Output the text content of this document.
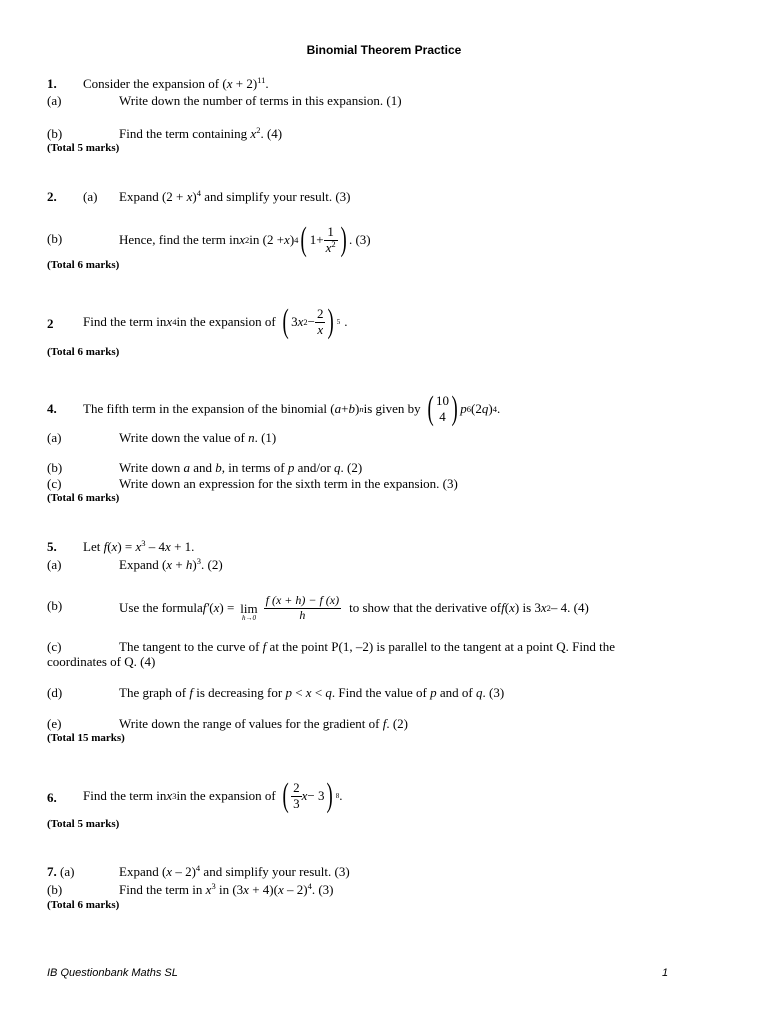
Binomial Theorem Practice
1. Consider the expansion of $(x + 2)^{11}$.
(a)	Write down the number of terms in this expansion. (1)
(b)	Find the term containing $x^2$. (4)
(Total 5 marks)
2. (a) Expand $(2 + x)^4$ and simplify your result. (3)
(b)	Hence, find the term in x 2 in (2 + x ) 4 ( $1+ \frac{1}{x^2}$ ) . (3)
(Total 6 marks)
2 Find the term in x 4 in the expansion of ( 3 x $2 - \frac{2}{x}$ ) 5 .
(Total 6 marks)
4. The fifth term in the expansion of the binomial ( a + b ) n is given by ( 10
4 ) p 6 (2 q ) 4 .
(a)	Write down the value of n. (1)
(b)	Write down a and b, in terms of p and/or q. (2)
(c)	Write down an expression for the sixth term in the expansion. (3)
(Total 6 marks)
5. Let $f(x) = x^3 - 4x + 1$.
(a)	Expand $(x + h)^3$. (2)
(b)	Use the formula f′ ( x ) = lim
$h\to 0 \frac{f (x + h) - f (x)}{h}$ to show that the derivative of f ( x ) is 3 x 2 – 4. (4)
(c)	The tangent to the curve of f at the point P(1, –2) is parallel to the tangent at a point Q. Find the
coordinates of Q. (4)
(d)	The graph of f is decreasing for p < x < q. Find the value of p and of q. (3)
(e)	Write down the range of values for the gradient of f. (2)
(Total 15 marks)
6. Find the term in x 3 in the expansion of ( $\frac{2}{3}$ x − 3 ) 8 .
(Total 5 marks)
7. (a)	Expand (x – 2)$^4$ and simplify your result. (3)
(b)	Find the term in $x^3$ in (3x + 4)(x – 2)$^4$. (3)
(Total 6 marks)
IB Questionbank Maths SL	1
